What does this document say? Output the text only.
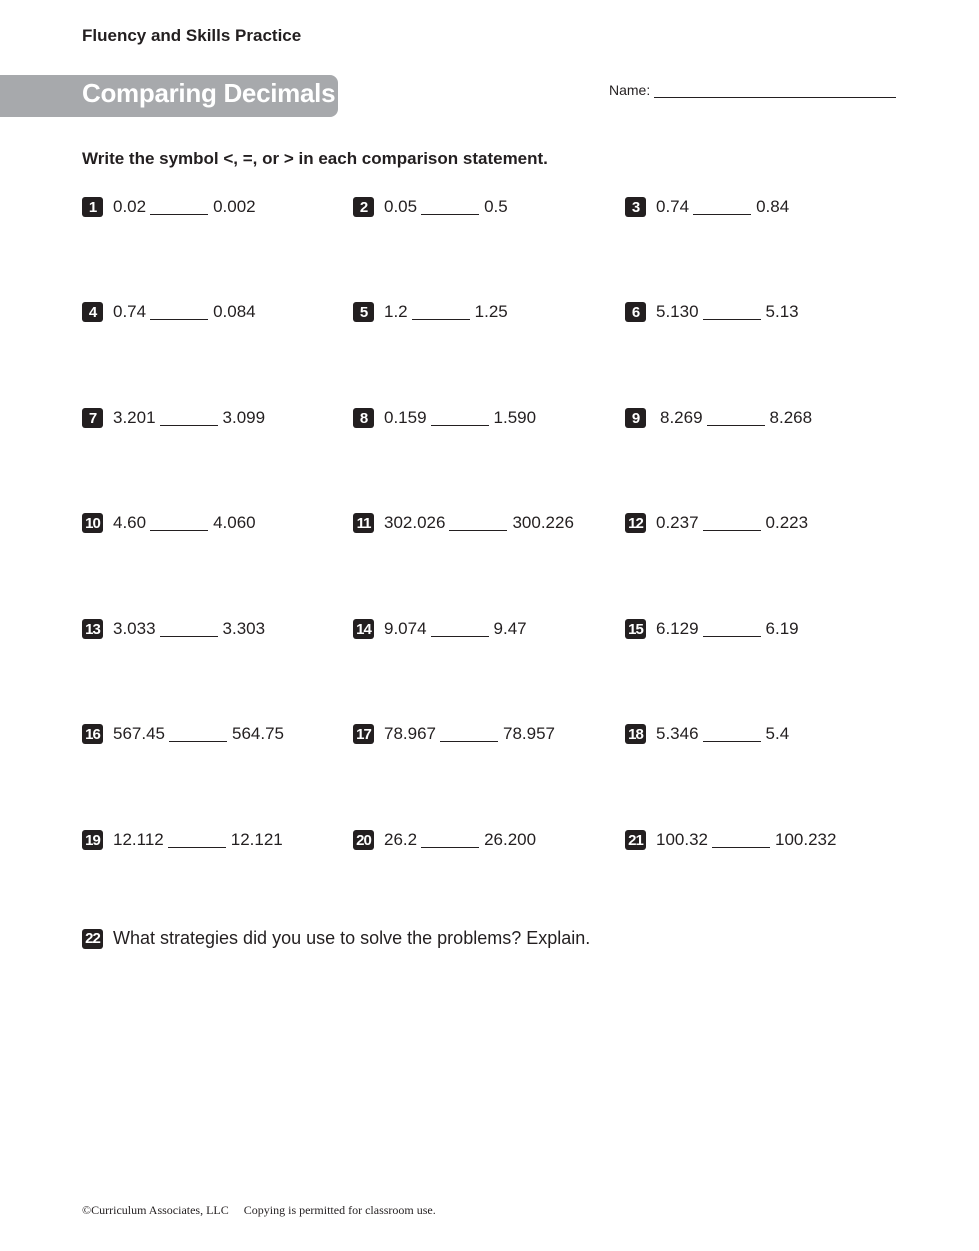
Fluency and Skills Practice
Comparing Decimals	Name:
Write the symbol <, =, or > in each comparison statement.
1 0.02	0.002	2 0.05	0.5	3 0.74	0.84
4 0.74	0.084	5 1.2	1.25	6 5.130	5.13
7 3.201	3.099	8 0.159	1.590	9	8.269	8.268
10 4.60	4.060	11 302.026	300.226	12 0.237	0.223
13 3.033	3.303	14 9.074	9.47	15 6.129	6.19
16 567.45	564.75	17 78.967	78.957	18 5.346	5.4
19 12.112	12.121	20 26.2	26.200	21 100.32	100.232
22 What strategies did you use to solve the problems? Explain.
©Curriculum Associates, LLC Copying is permitted for classroom use.
